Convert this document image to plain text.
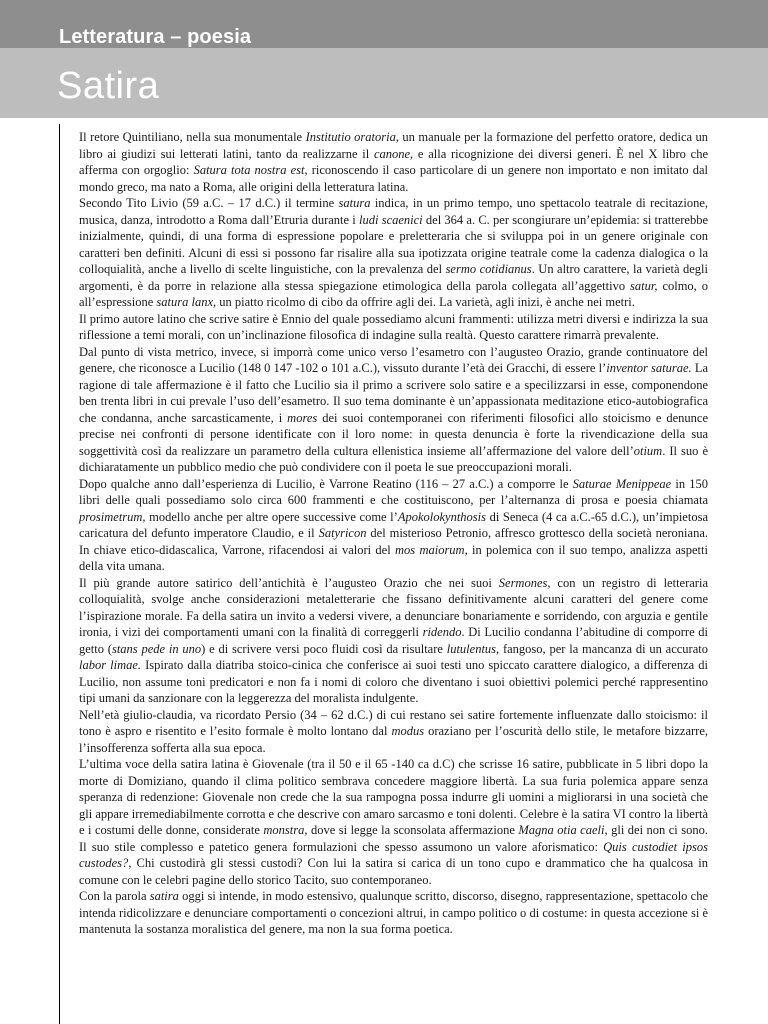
Letteratura – poesia
Satira

Il retore Quintiliano, nella sua monumentale Institutio oratoria, un manuale per la formazione del perfetto oratore, dedica un libro ai giudizi sui letterati latini, tanto da realizzarne il canone, e alla ricognizione dei diversi generi. È nel X libro che afferma con orgoglio: Satura tota nostra est, riconoscendo il caso particolare di un genere non importato e non imitato dal mondo greco, ma nato a Roma, alle origini della letteratura latina.

Secondo Tito Livio (59 a.C. – 17 d.C.) il termine satura indica, in un primo tempo, uno spettacolo teatrale di recitazione, musica, danza, introdotto a Roma dall’Etruria durante i ludi scaenici del 364 a. C. per scongiurare un’epidemia: si tratterebbe inizialmente, quindi, di una forma di espressione popolare e preletteraria che si sviluppa poi in un genere originale con caratteri ben definiti. Alcuni di essi si possono far risalire alla sua ipotizzata origine teatrale come la cadenza dialogica o la colloquialità, anche a livello di scelte linguistiche, con la prevalenza del sermo cotidianus. Un altro carattere, la varietà degli argomenti, è da porre in relazione alla stessa spiegazione etimologica della parola collegata all’aggettivo satur, colmo, o all’espressione satura lanx, un piatto ricolmo di cibo da offrire agli dei. La varietà, agli inizi, è anche nei metri.

Il primo autore latino che scrive satire è Ennio del quale possediamo alcuni frammenti: utilizza metri diversi e indirizza la sua riflessione a temi morali, con un’inclinazione filosofica di indagine sulla realtà. Questo carattere rimarrà prevalente.

Dal punto di vista metrico, invece, si imporrà come unico verso l’esametro con l’augusteo Orazio, grande continuatore del genere, che riconosce a Lucilio (148 0 147 -102 o 101 a.C.), vissuto durante l’età dei Gracchi, di essere l’inventor saturae. La ragione di tale affermazione è il fatto che Lucilio sia il primo a scrivere solo satire e a specilizzarsi in esse, componendone ben trenta libri in cui prevale l’uso dell’esametro. Il suo tema dominante è un’appassionata meditazione etico-autobiografica che condanna, anche sarcasticamente, i mores dei suoi contemporanei con riferimenti filosofici allo stoicismo e denunce precise nei confronti di persone identificate con il loro nome: in questa denuncia è forte la rivendicazione della sua soggettività così da realizzare un parametro della cultura ellenistica insieme all’affermazione del valore dell’otium. Il suo è dichiaratamente un pubblico medio che può condividere con il poeta le sue preoccupazioni morali.

Dopo qualche anno dall’esperienza di Lucilio, è Varrone Reatino (116 – 27 a.C.) a comporre le Saturae Menippeae in 150 libri delle quali possediamo solo circa 600 frammenti e che costituiscono, per l’alternanza di prosa e poesia chiamata prosimetrum, modello anche per altre opere successive come l’Apokolokynthosis di Seneca (4 ca a.C.-65 d.C.), un’impietosa caricatura del defunto imperatore Claudio, e il Satyricon del misterioso Petronio, affresco grottesco della società neroniana. In chiave etico-didascalica, Varrone, rifacendosi ai valori del mos maiorum, in polemica con il suo tempo, analizza aspetti della vita umana.

Il più grande autore satirico dell’antichità è l’augusteo Orazio che nei suoi Sermones, con un registro di letteraria colloquialità, svolge anche considerazioni metaletterarie che fissano definitivamente alcuni caratteri del genere come l’ispirazione morale. Fa della satira un invito a vedersi vivere, a denunciare bonariamente e sorridendo, con arguzia e gentile ironia, i vizi dei comportamenti umani con la finalità di correggerli ridendo. Di Lucilio condanna l’abitudine di comporre di getto (stans pede in uno) e di scrivere versi poco fluidi così da risultare lutulentus, fangoso, per la mancanza di un accurato labor limae. Ispirato dalla diatriba stoico-cinica che conferisce ai suoi testi uno spiccato carattere dialogico, a differenza di Lucilio, non assume toni predicatori e non fa i nomi di coloro che diventano i suoi obiettivi polemici perché rappresentino tipi umani da sanzionare con la leggerezza del moralista indulgente.

Nell’età giulio-claudia, va ricordato Persio (34 – 62 d.C.) di cui restano sei satire fortemente influenzate dallo stoicismo: il tono è aspro e risentito e l’esito formale è molto lontano dal modus oraziano per l’oscurità dello stile, le metafore bizzarre, l’insofferenza sofferta alla sua epoca.

L’ultima voce della satira latina è Giovenale (tra il 50 e il 65 -140 ca d.C) che scrisse 16 satire, pubblicate in 5 libri dopo la morte di Domiziano, quando il clima politico sembrava concedere maggiore libertà. La sua furia polemica appare senza speranza di redenzione: Giovenale non crede che la sua rampogna possa indurre gli uomini a migliorarsi in una società che gli appare irremediabilmente corrotta e che descrive con amaro sarcasmo e toni dolenti. Celebre è la satira VI contro la libertà e i costumi delle donne, considerate monstra, dove si legge la sconsolata affermazione Magna otia caeli, gli dei non ci sono. Il suo stile complesso e patetico genera formulazioni che spesso assumono un valore aforismatico: Quis custodiet ipsos custodes?, Chi custodirà gli stessi custodi? Con lui la satira si carica di un tono cupo e drammatico che ha qualcosa in comune con le celebri pagine dello storico Tacito, suo contemporaneo.

Con la parola satira oggi si intende, in modo estensivo, qualunque scritto, discorso, disegno, rappresentazione, spettacolo che intenda ridicolizzare e denunciare comportamenti o concezioni altrui, in campo politico o di costume: in questa accezione si è mantenuta la sostanza moralistica del genere, ma non la sua forma poetica.
